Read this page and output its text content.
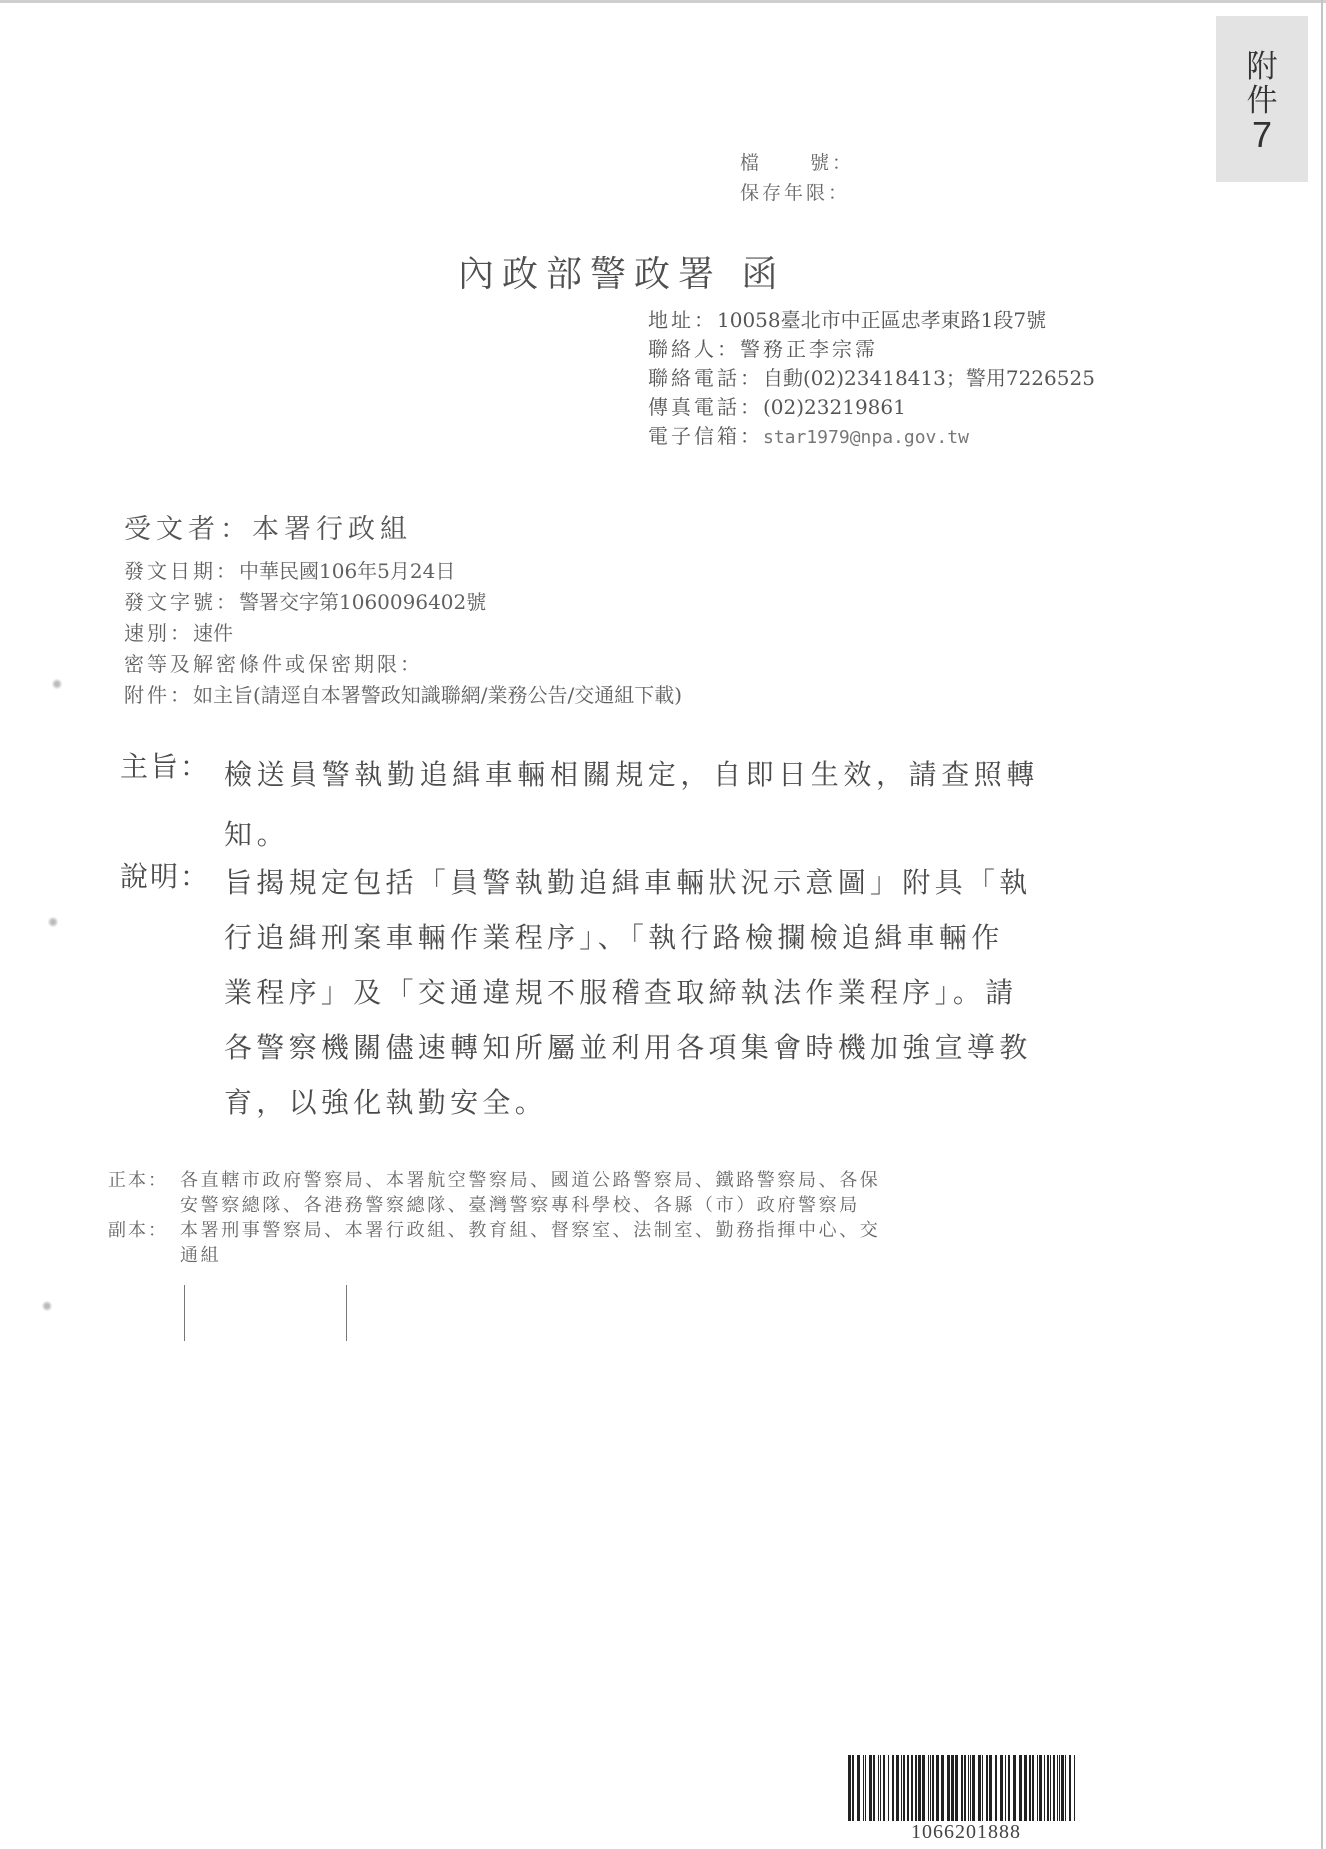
附
件
7
檔	號：
保存年限：
內政部警政署 函
地址：10058臺北市中正區忠孝東路1段7號
聯絡人：警務正李宗霈
聯絡電話：自動(02)23418413；警用7226525
傳真電話：(02)23219861
電子信箱：star1979@npa.gov.tw
受文者：本署行政組
發文日期：中華民國106年5月24日
發文字號：警署交字第1060096402號
速別：速件
密等及解密條件或保密期限：
附件：如主旨(請逕自本署警政知識聯網/業務公告/交通組下載)
主旨： 檢送員警執勤追緝車輛相關規定，自即日生效，請查照轉
知。
說明： 旨揭規定包括「員警執勤追緝車輛狀況示意圖」附具「執
行追緝刑案車輛作業程序」、「執行路檢攔檢追緝車輛作
業程序」及「交通違規不服稽查取締執法作業程序」。請
各警察機關儘速轉知所屬並利用各項集會時機加強宣導教
育，以強化執勤安全。
正本： 各直轄市政府警察局、本署航空警察局、國道公路警察局、鐵路警察局、各保
安警察總隊、各港務警察總隊、臺灣警察專科學校、各縣（市）政府警察局
副本： 本署刑事警察局、本署行政組、教育組、督察室、法制室、勤務指揮中心、交
通組
1066201888
